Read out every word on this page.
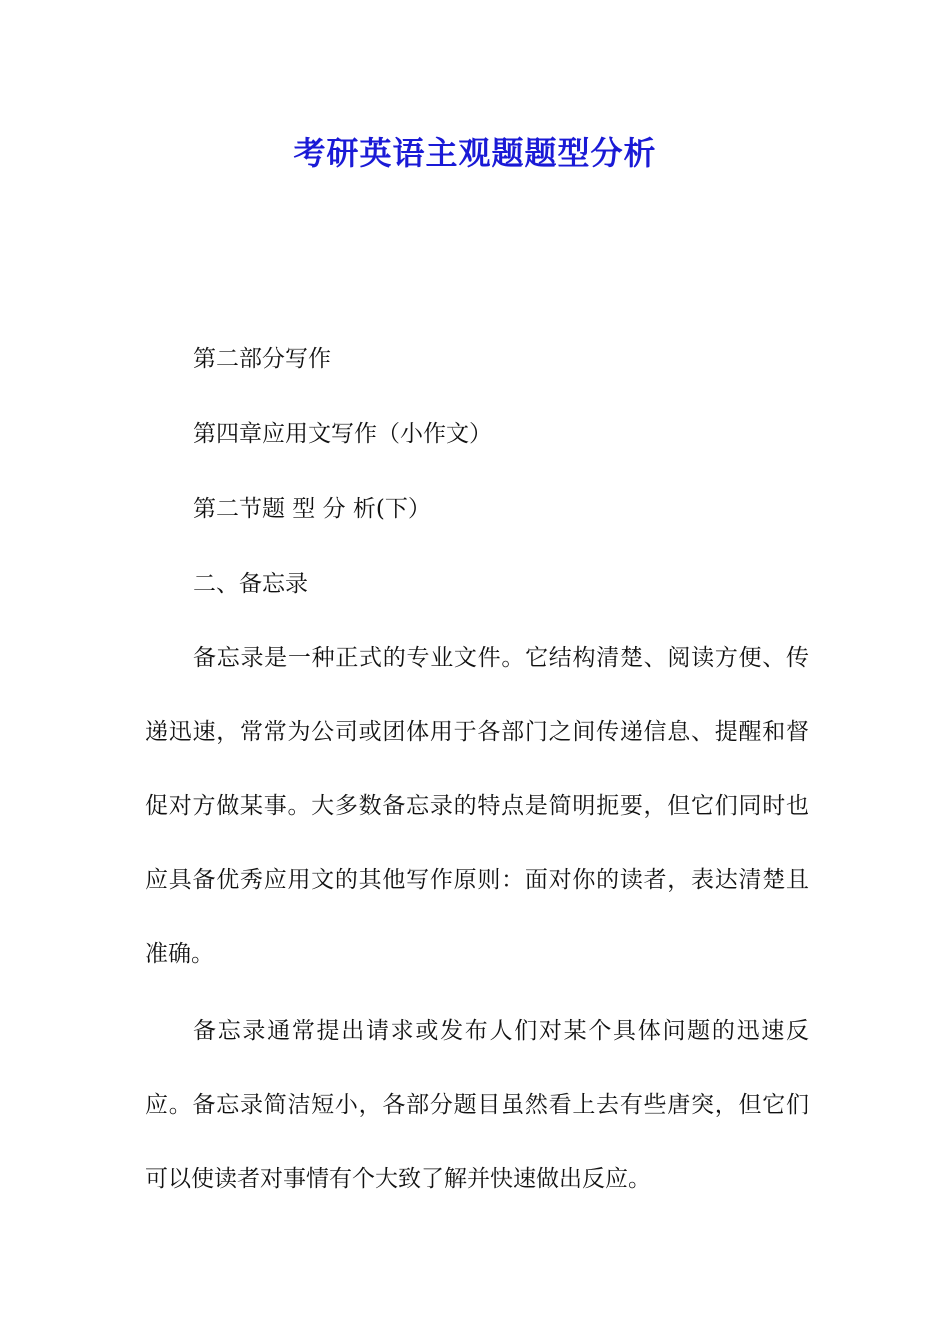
考研英语主观题题型分析
第二部分写作
第四章应用文写作（小作文）
第二节题 型 分 析(下）
二、备忘录

备忘录是一种正式的专业文件。它结构清楚、阅读方便、传递迅速，常常为公司或团体用于各部门之间传递信息、提醒和督促对方做某事。大多数备忘录的特点是简明扼要，但它们同时也应具备优秀应用文的其他写作原则：面对你的读者，表达清楚且准确。

备忘录通常提出请求或发布人们对某个具体问题的迅速反应。备忘录简洁短小，各部分题目虽然看上去有些唐突，但它们可以使读者对事情有个大致了解并快速做出反应。
